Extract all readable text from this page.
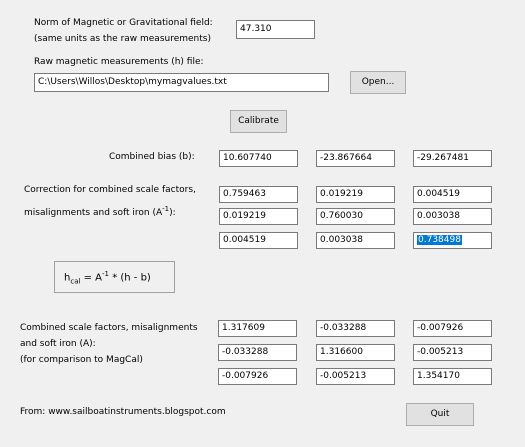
Norm of Magnetic or Gravitational field:
(same units as the raw measurements)
47.310
Raw magnetic measurements (h) file:
C:\Users\Willos\Desktop\mymagvalues.txt	Open...
Calibrate
Combined bias (b):	10.607740	-23.867664	-29.267481
Correction for combined scale factors,
misalignments and soft iron $(A^{-1})$:
0.759463	0.019219	0.004519
0.019219	0.760030	0.003038
0.004519	0.003038	0.738498
$h_{cal} = A^{-1} * (h - b)$
Combined scale factors, misalignments
and soft iron (A):
(for comparison to MagCal)
1.317609	-0.033288	-0.007926
-0.033288	1.316600	-0.005213
-0.007926	-0.005213	1.354170
From: www.sailboatinstruments.blogspot.com	Quit
